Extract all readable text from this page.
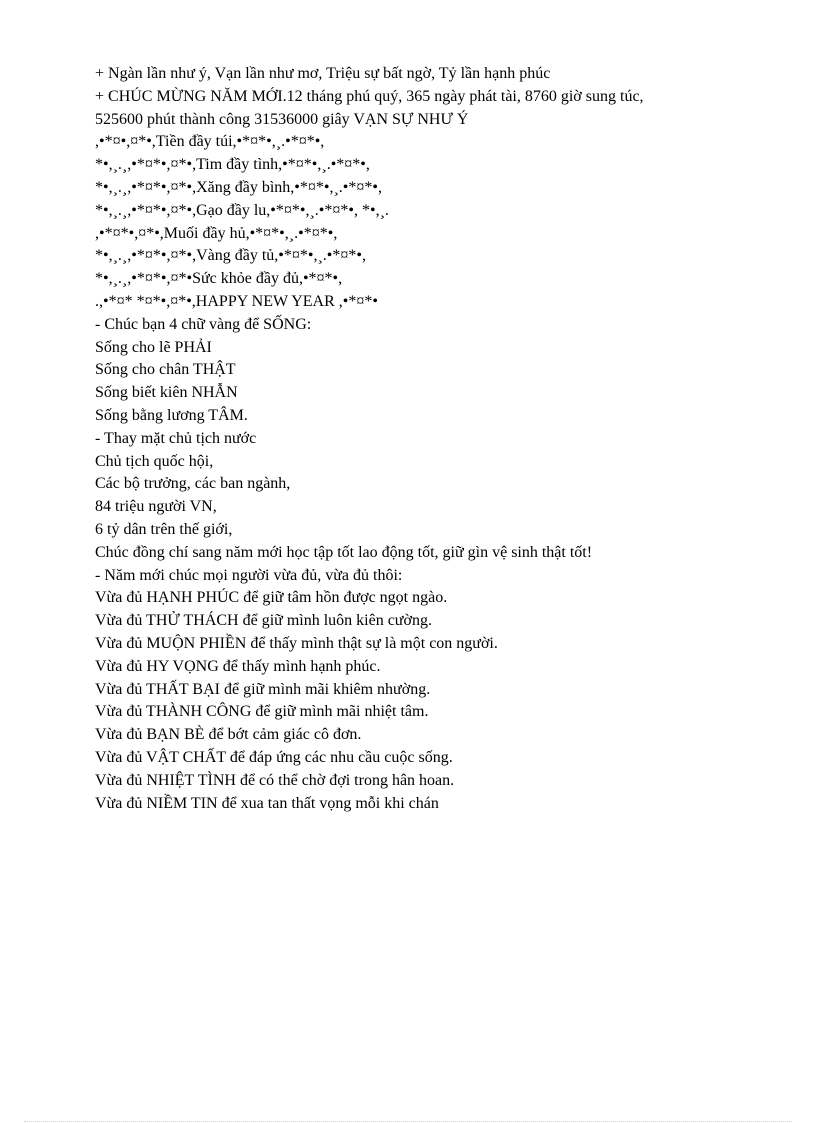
+ Ngàn lần như ý, Vạn lần như mơ, Triệu sự bất ngờ, Tỷ lần hạnh phúc

+ CHÚC MỪNG NĂM MỚI.12 tháng phú quý, 365 ngày phát tài, 8760 giờ sung túc,

525600 phút thành công 31536000 giây VẠN SỰ NHƯ Ý

,•*¤•,¤*•,Tiền đầy túi,•*¤*•,¸.•*¤*•,

*•,¸.¸,•*¤*•,¤*•,Tim đầy tình,•*¤*•,¸.•*¤*•,

*•,¸.¸,•*¤*•,¤*•,Xăng đầy bình,•*¤*•,¸.•*¤*•,

*•,¸.¸,•*¤*•,¤*•,Gạo đầy lu,•*¤*•,¸.•*¤*•, *•,¸.

,•*¤*•,¤*•,Muối đầy hủ,•*¤*•,¸.•*¤*•,

*•,¸.¸,•*¤*•,¤*•,Vàng đầy tủ,•*¤*•,¸.•*¤*•,

*•,¸.¸,•*¤*•,¤*•Sức khỏe đầy đủ,•*¤*•,

.,•*¤* *¤*•,¤*•,HAPPY NEW YEAR ,•*¤*•

- Chúc bạn 4 chữ vàng để SỐNG:

Sống cho lẽ PHẢI

Sống cho chân THẬT

Sống biết kiên NHẪN

Sống bằng lương TÂM.

- Thay mặt chủ tịch nước

Chủ tịch quốc hội,

Các bộ trưởng, các ban ngành,

84 triệu người VN,

6 tỷ dân trên thế giới,

Chúc đồng chí sang năm mới học tập tốt lao động tốt, giữ gìn vệ sinh thật tốt!

- Năm mới chúc mọi người vừa đủ, vừa đủ thôi:

Vừa đủ HẠNH PHÚC để giữ tâm hồn được ngọt ngào.

Vừa đủ THỬ THÁCH để giữ mình luôn kiên cường.

Vừa đủ MUỘN PHIỀN để thấy mình thật sự là một con người.

Vừa đủ HY VỌNG để thấy mình hạnh phúc.

Vừa đủ THẤT BẠI để giữ mình mãi khiêm nhường.

Vừa đủ THÀNH CÔNG để giữ mình mãi nhiệt tâm.

Vừa đủ BẠN BÈ để bớt cảm giác cô đơn.

Vừa đủ VẬT CHẤT để đáp ứng các nhu cầu cuộc sống.

Vừa đủ NHIỆT TÌNH để có thể chờ đợi trong hân hoan.

Vừa đủ NIỀM TIN để xua tan thất vọng mỗi khi chán
